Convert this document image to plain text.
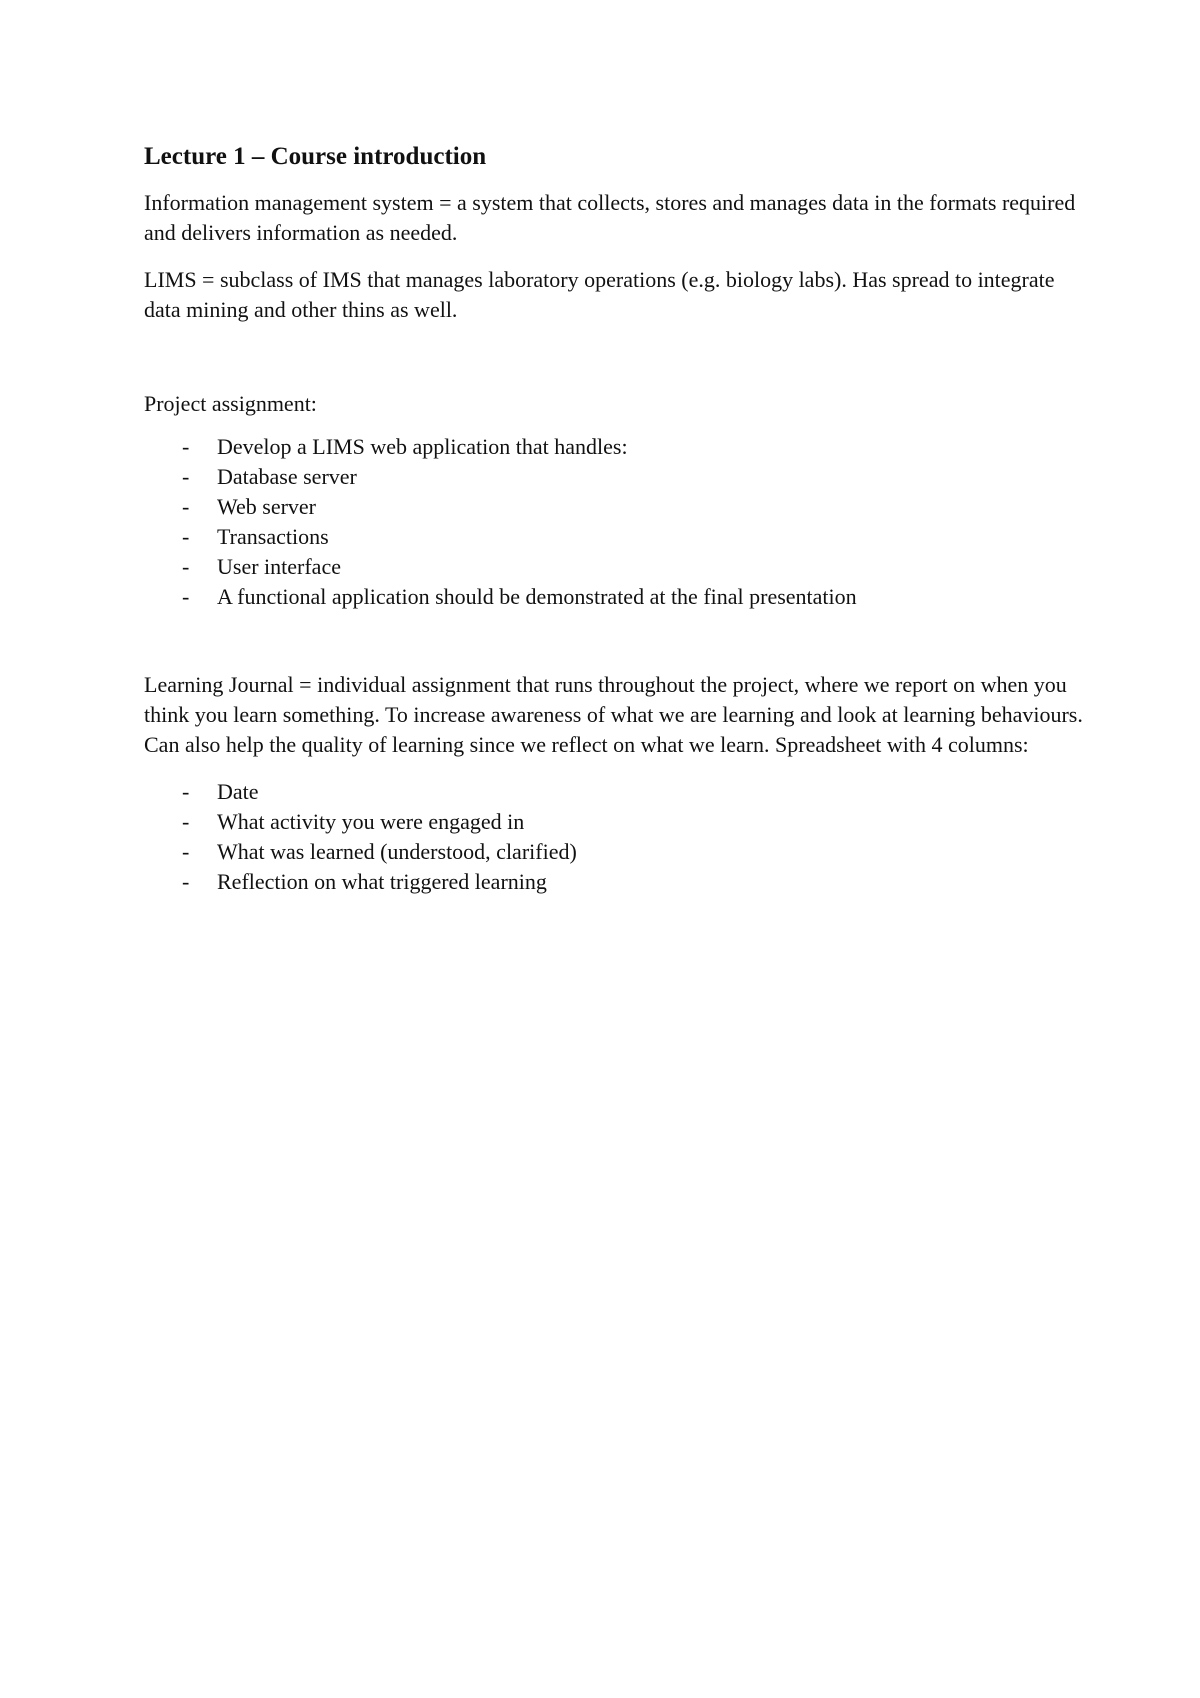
Lecture 1 – Course introduction

Information management system = a system that collects, stores and manages data in the formats required and delivers information as needed.

LIMS = subclass of IMS that manages laboratory operations (e.g. biology labs). Has spread to integrate data mining and other thins as well.

Project assignment:

- Develop a LIMS web application that handles:
- Database server
- Web server
- Transactions
- User interface
- A functional application should be demonstrated at the final presentation

Learning Journal = individual assignment that runs throughout the project, where we report on when you think you learn something. To increase awareness of what we are learning and look at learning behaviours. Can also help the quality of learning since we reflect on what we learn. Spreadsheet with 4 columns:

- Date
- What activity you were engaged in
- What was learned (understood, clarified)
- Reflection on what triggered learning
